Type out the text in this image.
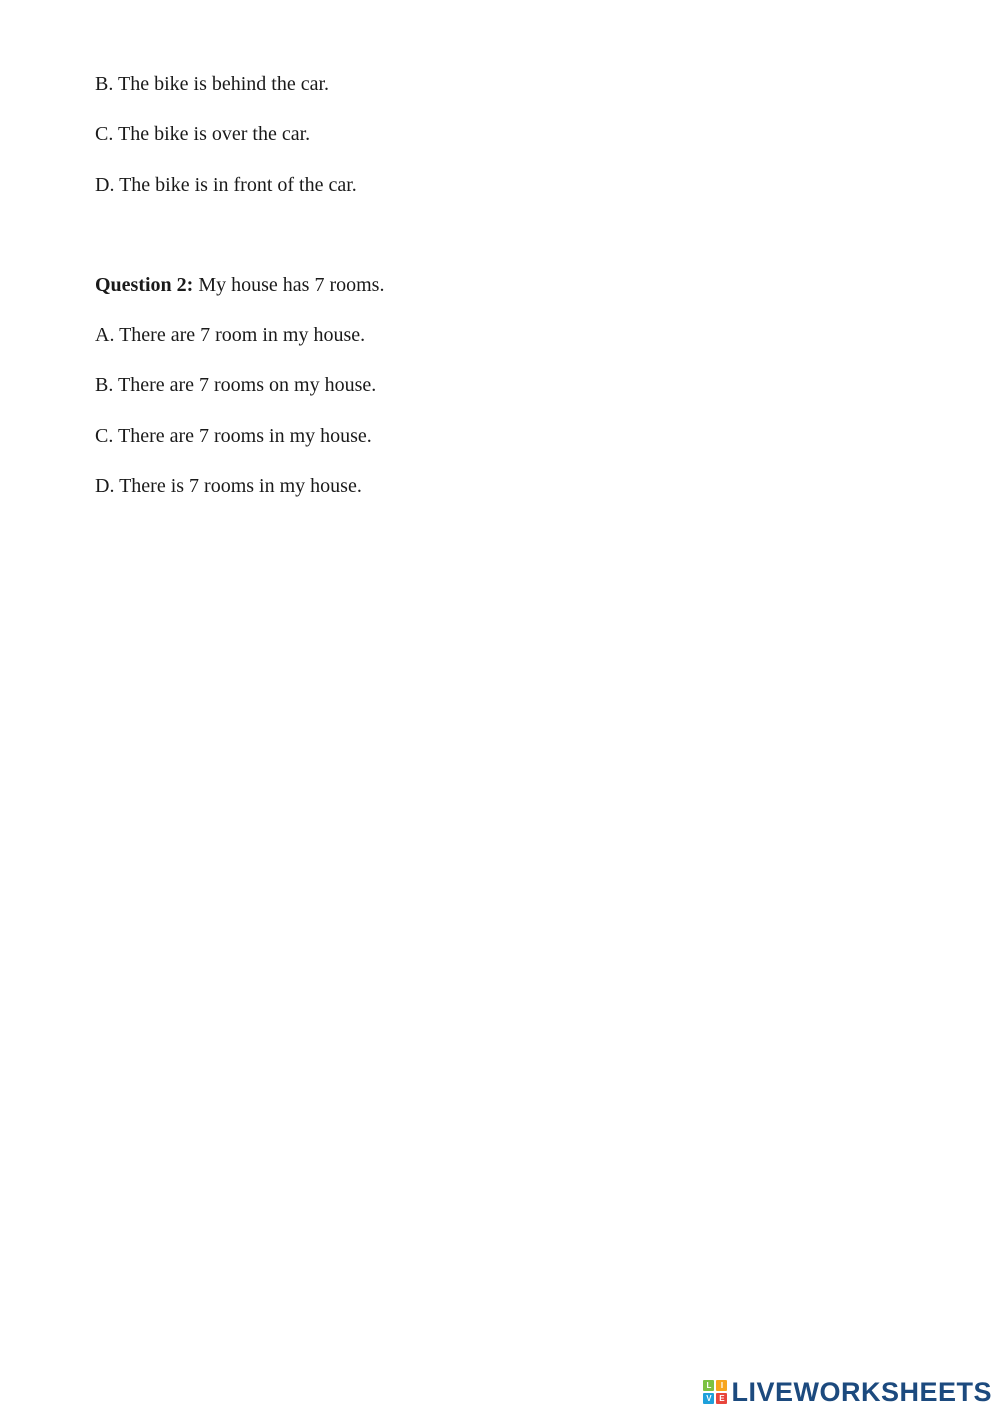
B. The bike is behind the car.
C. The bike is over the car.
D. The bike is in front of the car.
Question 2: My house has 7 rooms.
A. There are 7 room in my house.
B. There are 7 rooms on my house.
C. There are 7 rooms in my house.
D. There is 7 rooms in my house.
L	I
V E LIVEWORKSHEETS
